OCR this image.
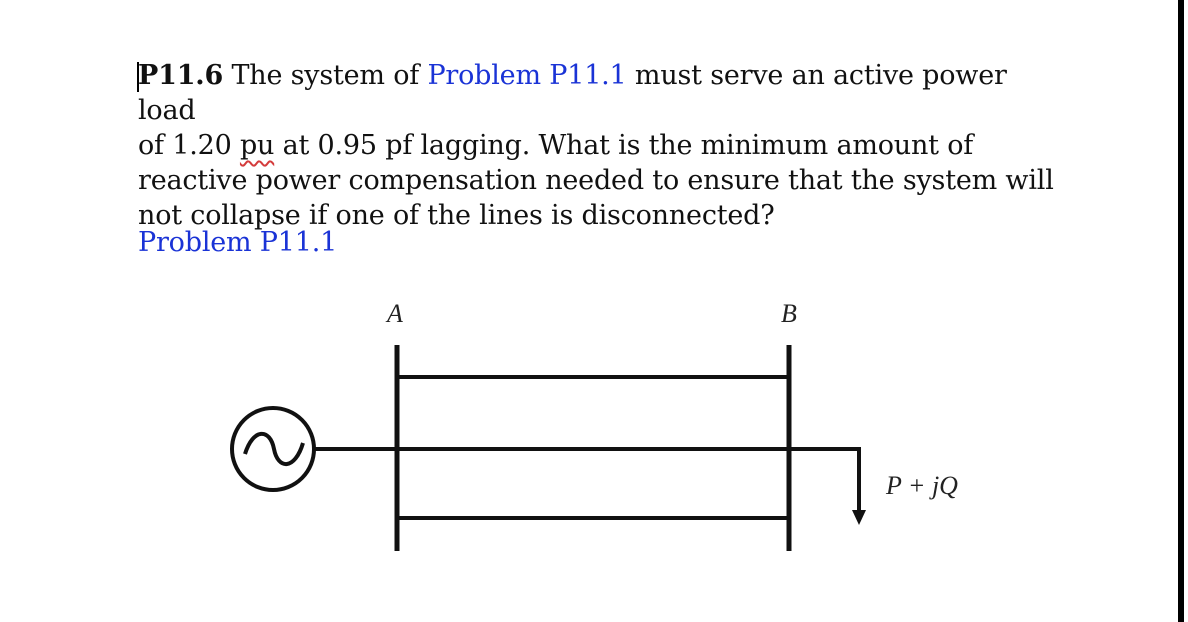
P11.6 The system of Problem P11.1 must serve an active power load
of 1.20 pu at 0.95 pf lagging. What is the minimum amount of
reactive power compensation needed to ensure that the system will
not collapse if one of the lines is disconnected?
Problem P11.1
A	B
P + jQ
